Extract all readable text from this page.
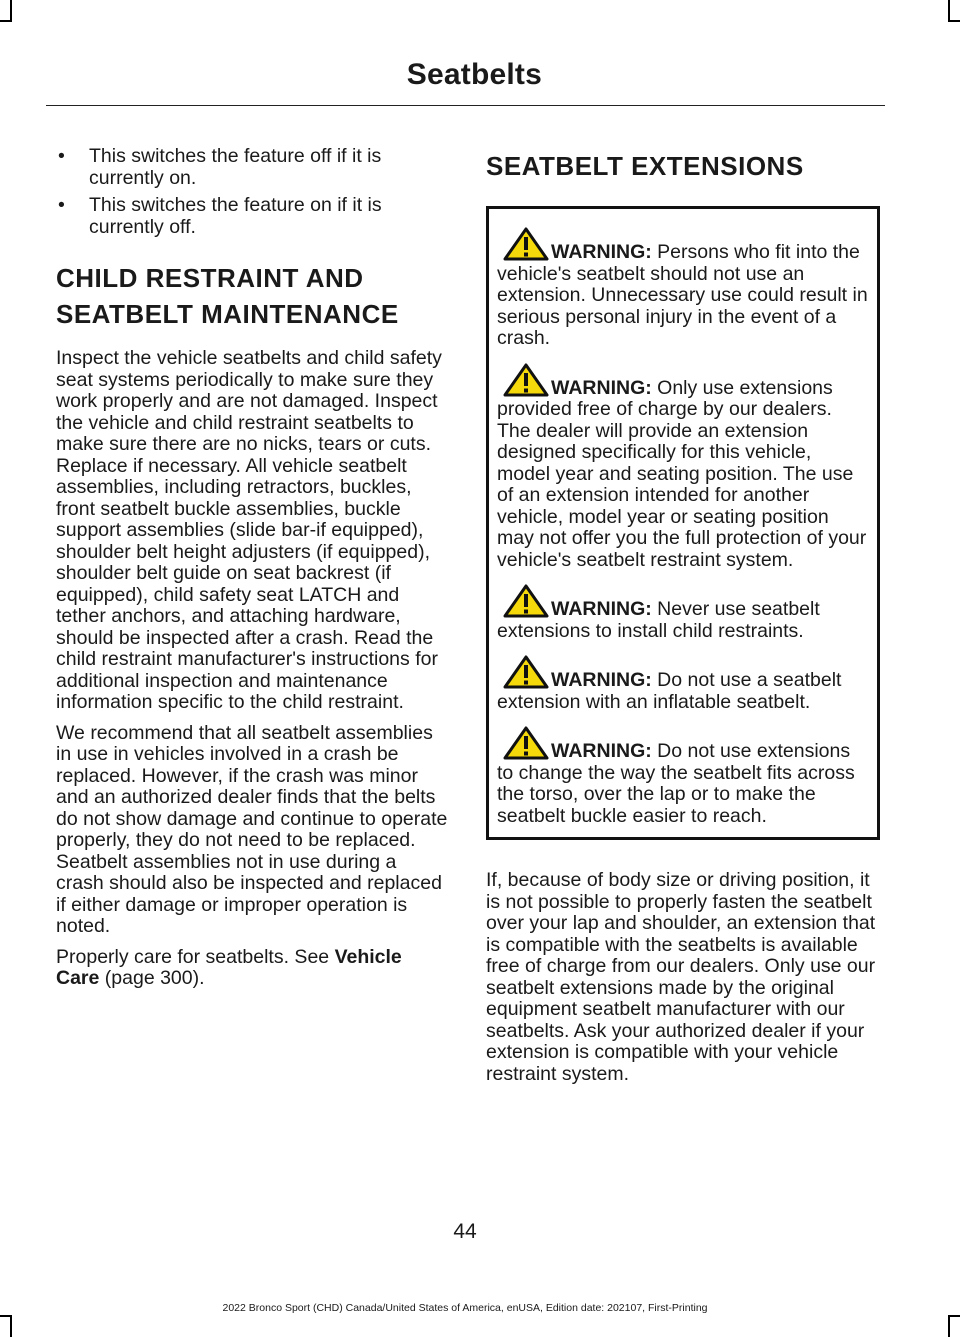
Seatbelts
• This switches the feature off if it is currently on.
• This switches the feature on if it is currently off.
CHILD RESTRAINT AND
SEATBELT MAINTENANCE

Inspect the vehicle seatbelts and child safety seat systems periodically to make sure they work properly and are not damaged. Inspect the vehicle and child restraint seatbelts to make sure there are no nicks, tears or cuts. Replace if necessary. All vehicle seatbelt assemblies, including retractors, buckles, front seatbelt buckle assemblies, buckle support assemblies (slide bar-if equipped), shoulder belt height adjusters (if equipped), shoulder belt guide on seat backrest (if equipped), child safety seat LATCH and tether anchors, and attaching hardware, should be inspected after a crash. Read the child restraint manufacturer's instructions for additional inspection and maintenance information specific to the child restraint.

We recommend that all seatbelt assemblies in use in vehicles involved in a crash be replaced. However, if the crash was minor and an authorized dealer finds that the belts do not show damage and continue to operate properly, they do not need to be replaced. Seatbelt assemblies not in use during a crash should also be inspected and replaced if either damage or improper operation is noted.

Properly care for seatbelts. See Vehicle Care (page 300).

SEATBELT EXTENSIONS
WARNING: Persons who fit into the vehicle's seatbelt should not use an extension. Unnecessary use could result in serious personal injury in the event of a crash.
WARNING: Only use extensions provided free of charge by our dealers. The dealer will provide an extension designed specifically for this vehicle, model year and seating position. The use of an extension intended for another vehicle, model year or seating position may not offer you the full protection of your vehicle's seatbelt restraint system.
WARNING: Never use seatbelt extensions to install child restraints.
WARNING: Do not use a seatbelt extension with an inflatable seatbelt.
WARNING: Do not use extensions to change the way the seatbelt fits across the torso, over the lap or to make the seatbelt buckle easier to reach.

If, because of body size or driving position, it is not possible to properly fasten the seatbelt over your lap and shoulder, an extension that is compatible with the seatbelts is available free of charge from our dealers. Only use our seatbelt extensions made by the original equipment seatbelt manufacturer with our seatbelts. Ask your authorized dealer if your extension is compatible with your vehicle restraint system.

44
2022 Bronco Sport (CHD) Canada/United States of America, enUSA, Edition date: 202107, First-Printing
